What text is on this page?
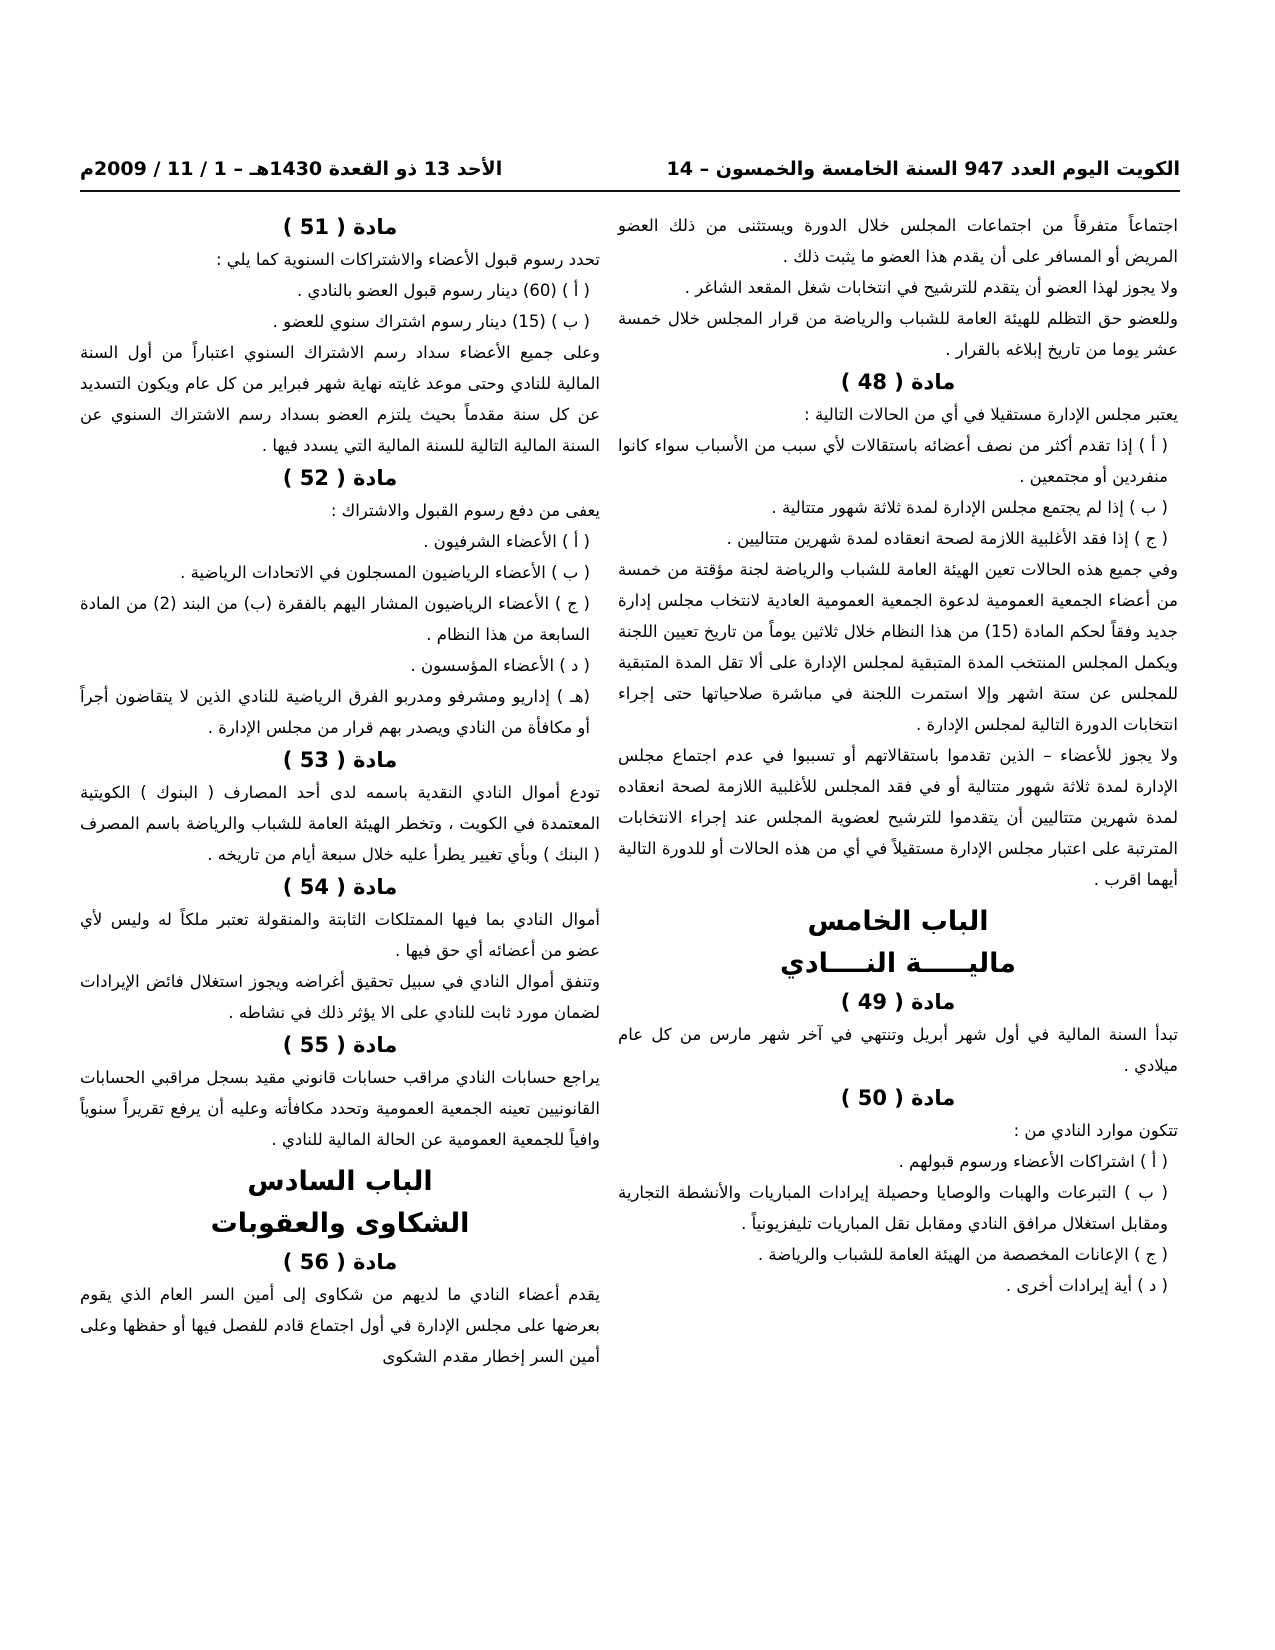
الكويت اليوم العدد 947 السنة الخامسة والخمسون – 14
الأحد 13 ذو القعدة 1430هـ – 1 / 11 / 2009م

اجتماعاً متفرقاً من اجتماعات المجلس خلال الدورة ويستثنى من ذلك العضو المريض أو المسافر على أن يقدم هذا العضو ما يثبت ذلك .

ولا يجوز لهذا العضو أن يتقدم للترشيح في انتخابات شغل المقعد الشاغر .

وللعضو حق التظلم للهيئة العامة للشباب والرياضة من قرار المجلس خلال خمسة عشر يوما من تاريخ إبلاغه بالقرار .

مادة ( 48 )

يعتبر مجلس الإدارة مستقيلا في أي من الحالات التالية :

( أ ) إذا تقدم أكثر من نصف أعضائه باستقالات لأي سبب من الأسباب سواء كانوا منفردين أو مجتمعين .

( ب ) إذا لم يجتمع مجلس الإدارة لمدة ثلاثة شهور متتالية .

( ج ) إذا فقد الأغلبية اللازمة لصحة انعقاده لمدة شهرين متتاليين .

وفي جميع هذه الحالات تعين الهيئة العامة للشباب والرياضة لجنة مؤقتة من خمسة من أعضاء الجمعية العمومية لدعوة الجمعية العمومية العادية لانتخاب مجلس إدارة جديد وفقاً لحكم المادة (15) من هذا النظام خلال ثلاثين يوماً من تاريخ تعيين اللجنة ويكمل المجلس المنتخب المدة المتبقية لمجلس الإدارة على ألا تقل المدة المتبقية للمجلس عن ستة اشهر وإلا استمرت اللجنة في مباشرة صلاحياتها حتى إجراء انتخابات الدورة التالية لمجلس الإدارة .

ولا يجوز للأعضاء – الذين تقدموا باستقالاتهم أو تسببوا في عدم اجتماع مجلس الإدارة لمدة ثلاثة شهور متتالية أو في فقد المجلس للأغلبية اللازمة لصحة انعقاده لمدة شهرين متتاليين أن يتقدموا للترشيح لعضوية المجلس عند إجراء الانتخابات المترتبة على اعتبار مجلس الإدارة مستقيلاً في أي من هذه الحالات أو للدورة التالية أيهما اقرب .

الباب الخامس
ماليـــــة النــــادي
مادة ( 49 )

تبدأ السنة المالية في أول شهر أبريل وتنتهي في آخر شهر مارس من كل عام ميلادي .

مادة ( 50 )

تتكون موارد النادي من :

( أ ) اشتراكات الأعضاء ورسوم قبولهم .

( ب ) التبرعات والهبات والوصايا وحصيلة إيرادات المباريات والأنشطة التجارية ومقابل استغلال مرافق النادي ومقابل نقل المباريات تليفزيونياً .

( ج ) الإعانات المخصصة من الهيئة العامة للشباب والرياضة .

( د ) أية إيرادات أخرى .

مادة ( 51 )

تحدد رسوم قبول الأعضاء والاشتراكات السنوية كما يلي :

( أ ) (60) دينار رسوم قبول العضو بالنادي .

( ب ) (15) دينار رسوم اشتراك سنوي للعضو .

وعلى جميع الأعضاء سداد رسم الاشتراك السنوي اعتباراً من أول السنة المالية للنادي وحتى موعد غايته نهاية شهر فبراير من كل عام ويكون التسديد عن كل سنة مقدماً بحيث يلتزم العضو بسداد رسم الاشتراك السنوي عن السنة المالية التالية للسنة المالية التي يسدد فيها .

مادة ( 52 )

يعفى من دفع رسوم القبول والاشتراك :

( أ ) الأعضاء الشرفيون .

( ب ) الأعضاء الرياضيون المسجلون في الاتحادات الرياضية .

( ج ) الأعضاء الرياضيون المشار اليهم بالفقرة (ب) من البند (2) من المادة السابعة من هذا النظام .

( د ) الأعضاء المؤسسون .

(هـ ) إداريو ومشرفو ومدربو الفرق الرياضية للنادي الذين لا يتقاضون أجراً أو مكافأة من النادي ويصدر بهم قرار من مجلس الإدارة .

مادة ( 53 )

تودع أموال النادي النقدية باسمه لدى أحد المصارف ( البنوك ) الكويتية المعتمدة في الكويت ، وتخطر الهيئة العامة للشباب والرياضة باسم المصرف ( البنك ) وبأي تغيير يطرأ عليه خلال سبعة أيام من تاريخه .

مادة ( 54 )

أموال النادي بما فيها الممتلكات الثابتة والمنقولة تعتبر ملكاً له وليس لأي عضو من أعضائه أي حق فيها .

وتنفق أموال النادي في سبيل تحقيق أغراضه ويجوز استغلال فائض الإيرادات لضمان مورد ثابت للنادي على الا يؤثر ذلك في نشاطه .

مادة ( 55 )

يراجع حسابات النادي مراقب حسابات قانوني مقيد بسجل مراقبي الحسابات القانونيين تعينه الجمعية العمومية وتحدد مكافأته وعليه أن يرفع تقريراً سنوياً وافياً للجمعية العمومية عن الحالة المالية للنادي .

الباب السادس
الشكاوى والعقوبات
مادة ( 56 )

يقدم أعضاء النادي ما لديهم من شكاوى إلى أمين السر العام الذي يقوم بعرضها على مجلس الإدارة في أول اجتماع قادم للفصل فيها أو حفظها وعلى أمين السر إخطار مقدم الشكوى
